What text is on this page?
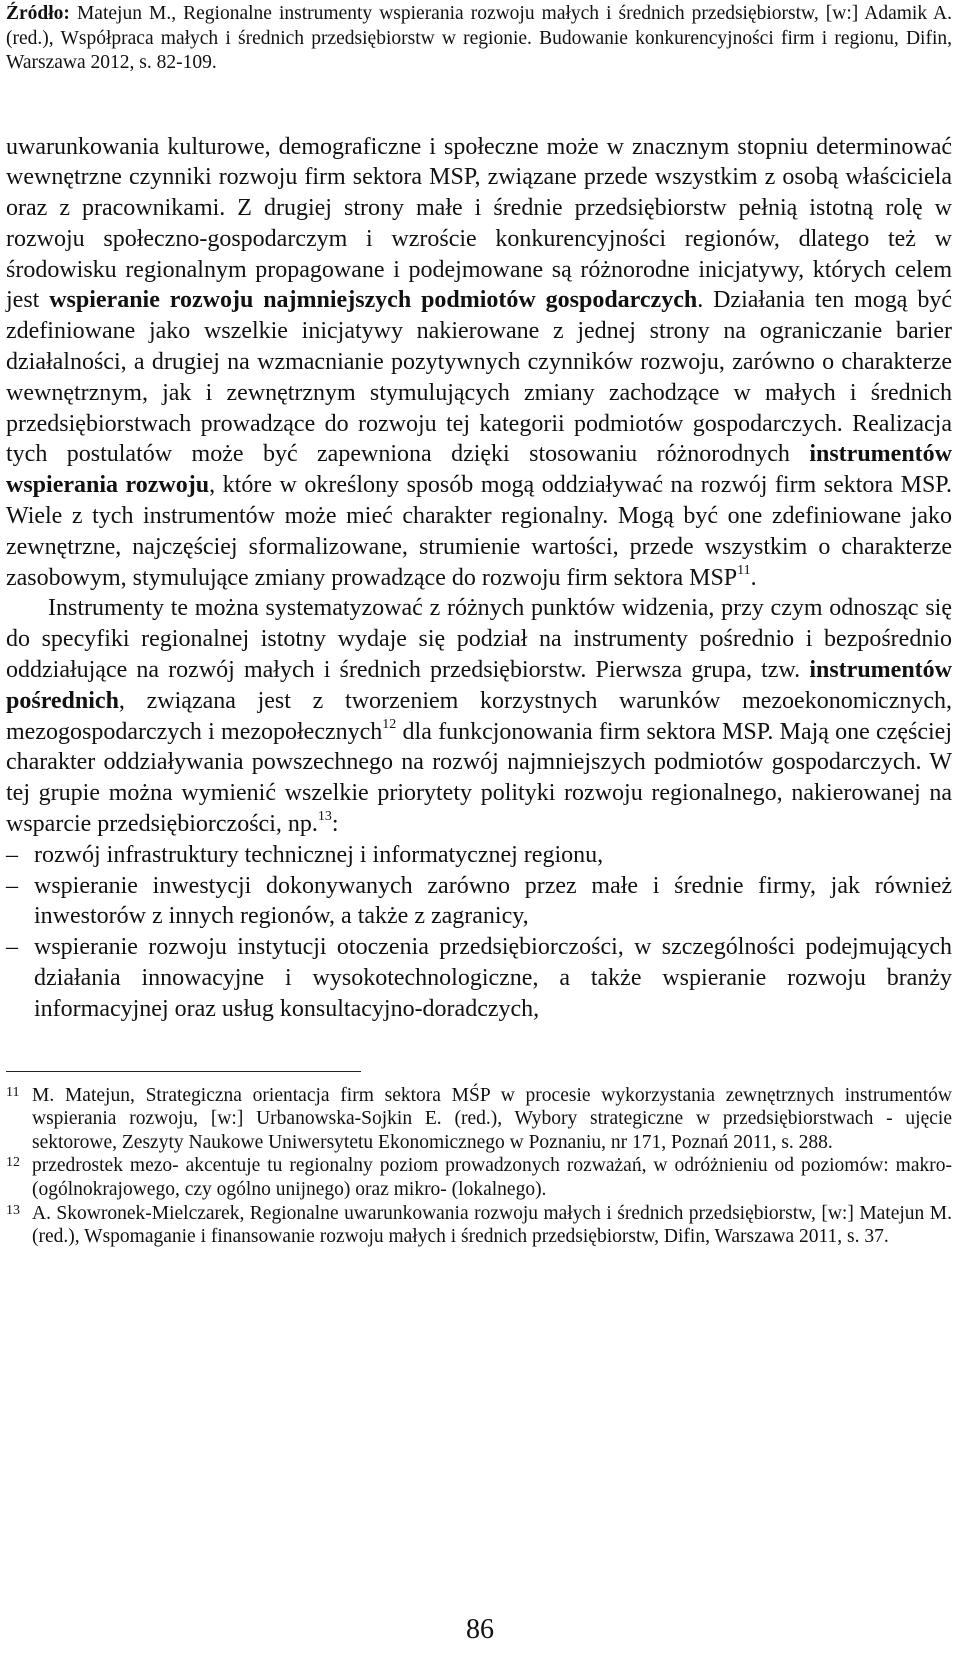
Źródło: Matejun M., Regionalne instrumenty wspierania rozwoju małych i średnich przedsiębiorstw, [w:] Adamik A. (red.), Współpraca małych i średnich przedsiębiorstw w regionie. Budowanie konkurencyjności firm i regionu, Difin, Warszawa 2012, s. 82-109.

uwarunkowania kulturowe, demograficzne i społeczne może w znacznym stopniu determinować wewnętrzne czynniki rozwoju firm sektora MSP, związane przede wszystkim z osobą właściciela oraz z pracownikami. Z drugiej strony małe i średnie przedsiębiorstw pełnią istotną rolę w rozwoju społeczno-gospodarczym i wzroście konkurencyjności regionów, dlatego też w środowisku regionalnym propagowane i podejmowane są różnorodne inicjatywy, których celem jest wspieranie rozwoju najmniejszych podmiotów gospodarczych. Działania ten mogą być zdefiniowane jako wszelkie inicjatywy nakierowane z jednej strony na ograniczanie barier działalności, a drugiej na wzmacnianie pozytywnych czynników rozwoju, zarówno o charakterze wewnętrznym, jak i zewnętrznym stymulujących zmiany zachodzące w małych i średnich przedsiębiorstwach prowadzące do rozwoju tej kategorii podmiotów gospodarczych. Realizacja tych postulatów może być zapewniona dzięki stosowaniu różnorodnych instrumentów wspierania rozwoju, które w określony sposób mogą oddziaływać na rozwój firm sektora MSP. Wiele z tych instrumentów może mieć charakter regionalny. Mogą być one zdefiniowane jako zewnętrzne, najczęściej sformalizowane, strumienie wartości, przede wszystkim o charakterze zasobowym, stymulujące zmiany prowadzące do rozwoju firm sektora MSP$^{11}$.

Instrumenty te można systematyzować z różnych punktów widzenia, przy czym odnosząc się do specyfiki regionalnej istotny wydaje się podział na instrumenty pośrednio i bezpośrednio oddziałujące na rozwój małych i średnich przedsiębiorstw. Pierwsza grupa, tzw. instrumentów pośrednich, związana jest z tworzeniem korzystnych warunków mezoekonomicznych, mezogospodarczych i mezopołecznych$^{12}$ dla funkcjonowania firm sektora MSP. Mają one częściej charakter oddziaływania powszechnego na rozwój najmniejszych podmiotów gospodarczych. W tej grupie można wymienić wszelkie priorytety polityki rozwoju regionalnego, nakierowanej na wsparcie przedsiębiorczości, np.$^{13}$:

– rozwój infrastruktury technicznej i informatycznej regionu,
– wspieranie inwestycji dokonywanych zarówno przez małe i średnie firmy, jak również inwestorów z innych regionów, a także z zagranicy,
– wspieranie rozwoju instytucji otoczenia przedsiębiorczości, w szczególności podejmujących działania innowacyjne i wysokotechnologiczne, a także wspieranie rozwoju branży informacyjnej oraz usług konsultacyjno-doradczych,
11 M. Matejun, Strategiczna orientacja firm sektora MŚP w procesie wykorzystania zewnętrznych instrumentów wspierania rozwoju, [w:] Urbanowska-Sojkin E. (red.), Wybory strategiczne w przedsiębiorstwach - ujęcie sektorowe, Zeszyty Naukowe Uniwersytetu Ekonomicznego w Poznaniu, nr 171, Poznań 2011, s. 288.
12 przedrostek mezo- akcentuje tu regionalny poziom prowadzonych rozważań, w odróżnieniu od poziomów: makro- (ogólnokrajowego, czy ogólno unijnego) oraz mikro- (lokalnego).
13 A. Skowronek-Mielczarek, Regionalne uwarunkowania rozwoju małych i średnich przedsiębiorstw, [w:] Matejun M. (red.), Wspomaganie i finansowanie rozwoju małych i średnich przedsiębiorstw, Difin, Warszawa 2011, s. 37.
86
